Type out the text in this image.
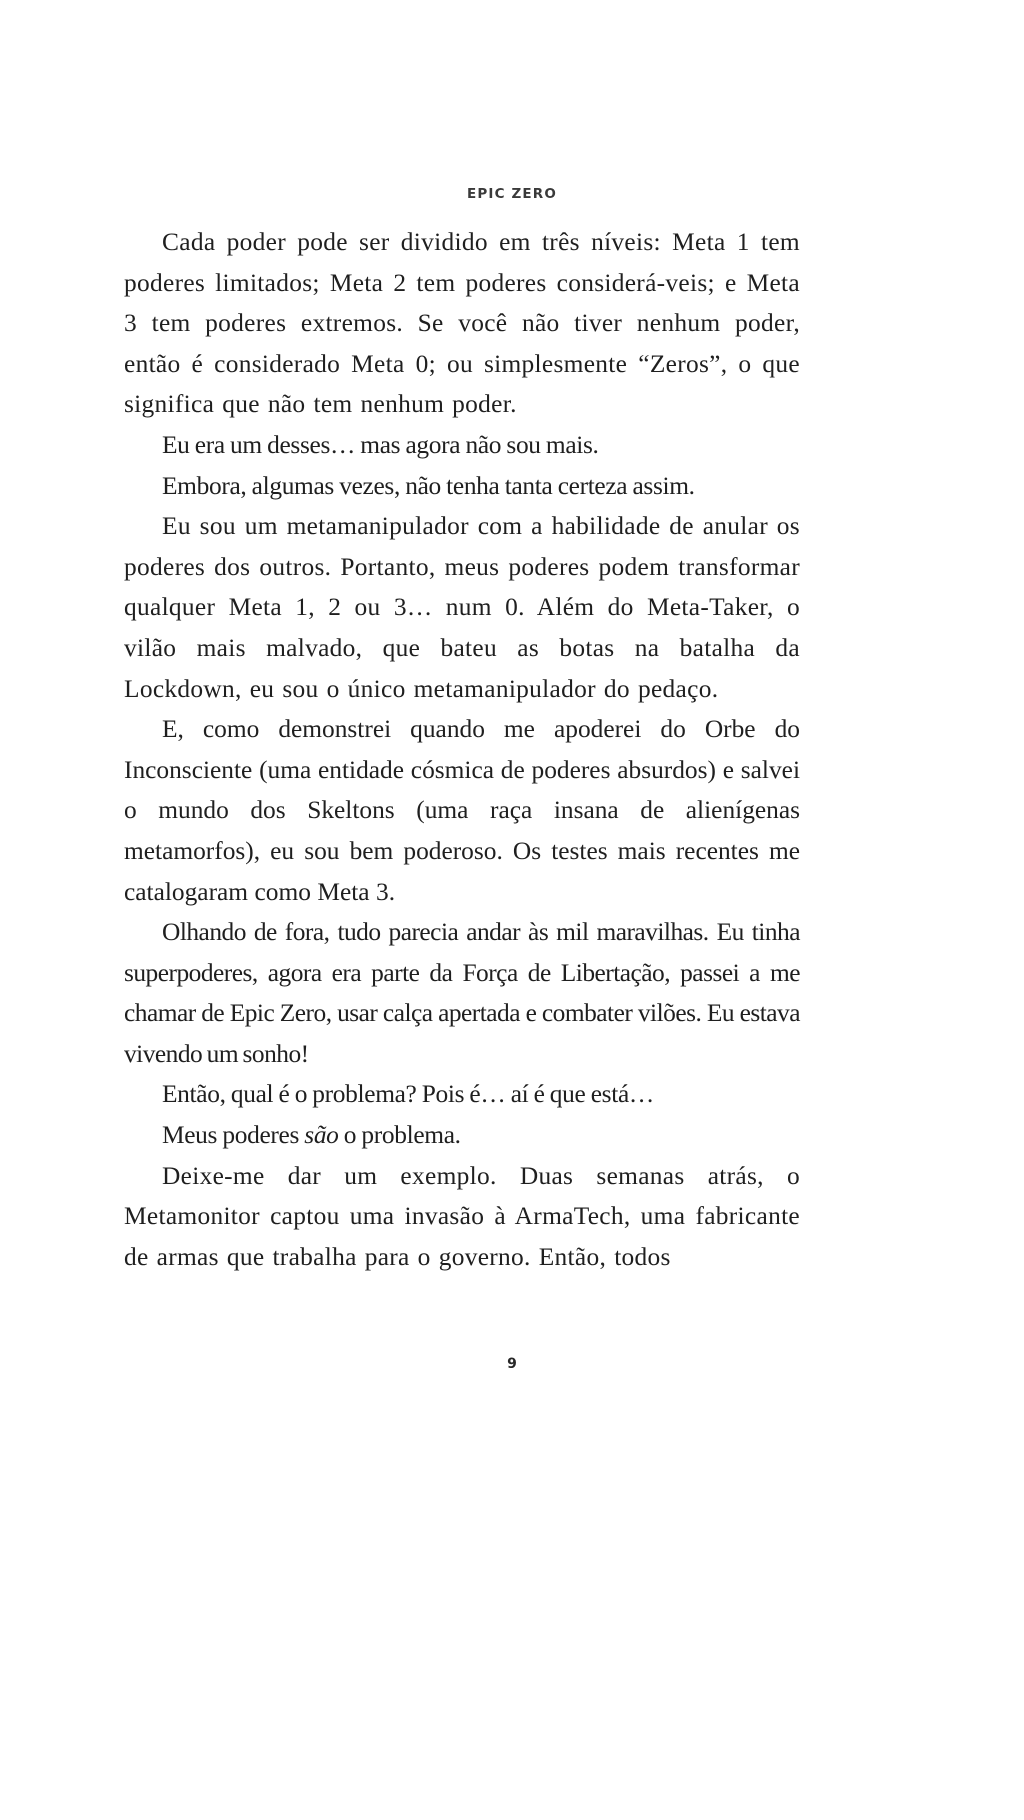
EPIC ZERO

Cada poder pode ser dividido em três níveis: Meta 1 tem poderes limitados; Meta 2 tem poderes considerá-veis; e Meta 3 tem poderes extremos. Se você não tiver nenhum poder, então é considerado Meta 0; ou simplesmente “Zeros”, o que significa que não tem nenhum poder.

Eu era um desses… mas agora não sou mais.

Embora, algumas vezes, não tenha tanta certeza assim.

Eu sou um metamanipulador com a habilidade de anular os poderes dos outros. Portanto, meus poderes podem transformar qualquer Meta 1, 2 ou 3… num 0. Além do Meta-Taker, o vilão mais malvado, que bateu as botas na batalha da Lockdown, eu sou o único metamanipulador do pedaço.

E, como demonstrei quando me apoderei do Orbe do Inconsciente (uma entidade cósmica de poderes absurdos) e salvei o mundo dos Skeltons (uma raça insana de alienígenas metamorfos), eu sou bem poderoso. Os testes mais recentes me catalogaram como Meta 3.

Olhando de fora, tudo parecia andar às mil maravilhas. Eu tinha superpoderes, agora era parte da Força de Libertação, passei a me chamar de Epic Zero, usar calça apertada e combater vilões. Eu estava vivendo um sonho!

Então, qual é o problema? Pois é… aí é que está…

Meus poderes são o problema.

Deixe-me dar um exemplo. Duas semanas atrás, o Metamonitor captou uma invasão à ArmaTech, uma fabricante de armas que trabalha para o governo. Então, todos

9
